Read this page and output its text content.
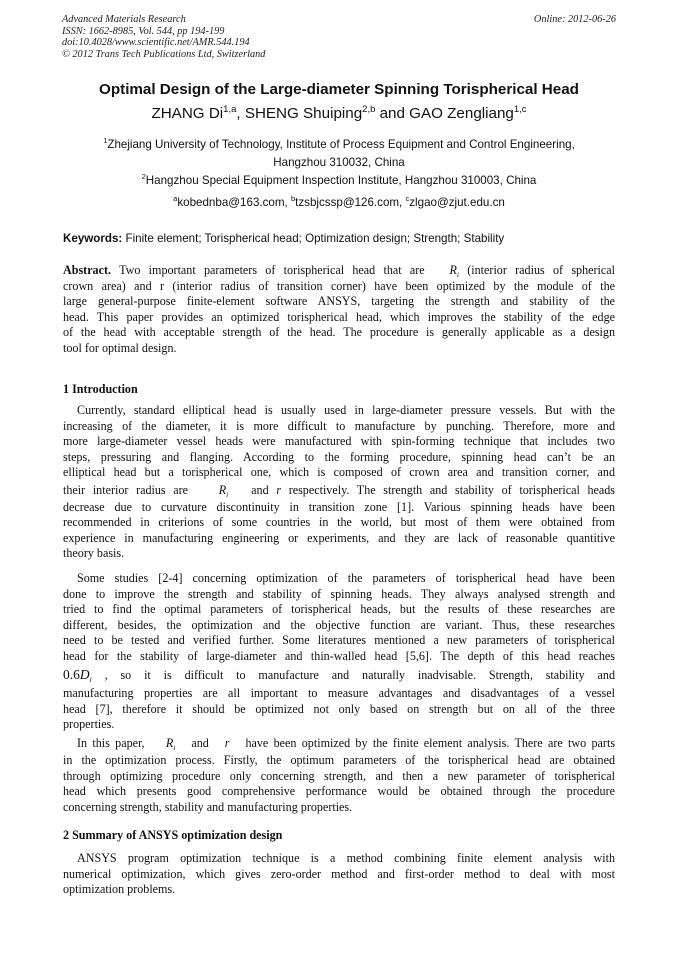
Advanced Materials Research
ISSN: 1662-8985, Vol. 544, pp 194-199
doi:10.4028/www.scientific.net/AMR.544.194
© 2012 Trans Tech Publications Ltd, Switzerland
Online: 2012-06-26
Optimal Design of the Large-diameter Spinning Torispherical Head
ZHANG Di$^{1,a}$, SHENG Shuiping$^{2,b}$ and GAO Zengliang$^{1,c}$
$^1$Zhejiang University of Technology, Institute of Process Equipment and Control Engineering,
Hangzhou 310032, China
$^2$Hangzhou Special Equipment Inspection Institute, Hangzhou 310003, China
$^a$kobednba@163.com, $^b$tzsbjcssp@126.com, $^c$zlgao@zjut.edu.cn
Keywords: Finite element; Torispherical head; Optimization design; Strength; Stability
Abstract. Two important parameters of torispherical head that are $R_i$ (interior radius of spherical
crown area) and r (interior radius of transition corner) have been optimized by the module of the
large general-purpose finite-element software ANSYS, targeting the strength and stability of the
head. This paper provides an optimized torispherical head, which improves the stability of the edge
of the head with acceptable strength of the head. The procedure is generally applicable as a design
tool for optimal design.
1 Introduction
Currently, standard elliptical head is usually used in large-diameter pressure vessels. But with the
increasing of the diameter, it is more difficult to manufacture by punching. Therefore, more and
more large-diameter vessel heads were manufactured with spin-forming technique that includes two
steps, pressuring and flanging. According to the forming procedure, spinning head can’t be an
elliptical head but a torispherical one, which is composed of crown area and transition corner, and
their interior radius are	$R_i$ and r respectively. The strength and stability of torispherical heads
decrease due to curvature discontinuity in transition zone [1]. Various spinning heads have been
recommended in criterions of some countries in the world, but most of them were obtained from
experience in manufacturing engineering or experiments, and they are lack of reasonable quantitive
theory basis.
Some studies [2-4] concerning optimization of the parameters of torispherical head have been
done to improve the strength and stability of spinning heads. They always analysed strength and
tried to find the optimal parameters of torispherical heads, but the results of these researches are
different, besides, the optimization and the objective function are variant. Thus, these researches
need to be tested and verified further. Some literatures mentioned a new parameters of torispherical
head for the stability of large-diameter and thin-walled head [5,6]. The depth of this head reaches
$0.6D_i$ , so it is difficult to manufacture and naturally inadvisable. Strength, stability and
manufacturing properties are all important to measure advantages and disadvantages of a vessel
head [7], therefore it should be optimized not only based on strength but on all of the three
properties.
In this paper, $R_i$ and r have been optimized by the finite element analysis. There are two parts
in the optimization process. Firstly, the optimum parameters of the torispherical head are obtained
through optimizing procedure only concerning strength, and then a new parameter of torispherical
head which presents good comprehensive performance would be obtained through the procedure
concerning strength, stability and manufacturing properties.
2 Summary of ANSYS optimization design
ANSYS program optimization technique is a method combining finite element analysis with
numerical optimization, which gives zero-order method and first-order method to deal with most
optimization problems.
